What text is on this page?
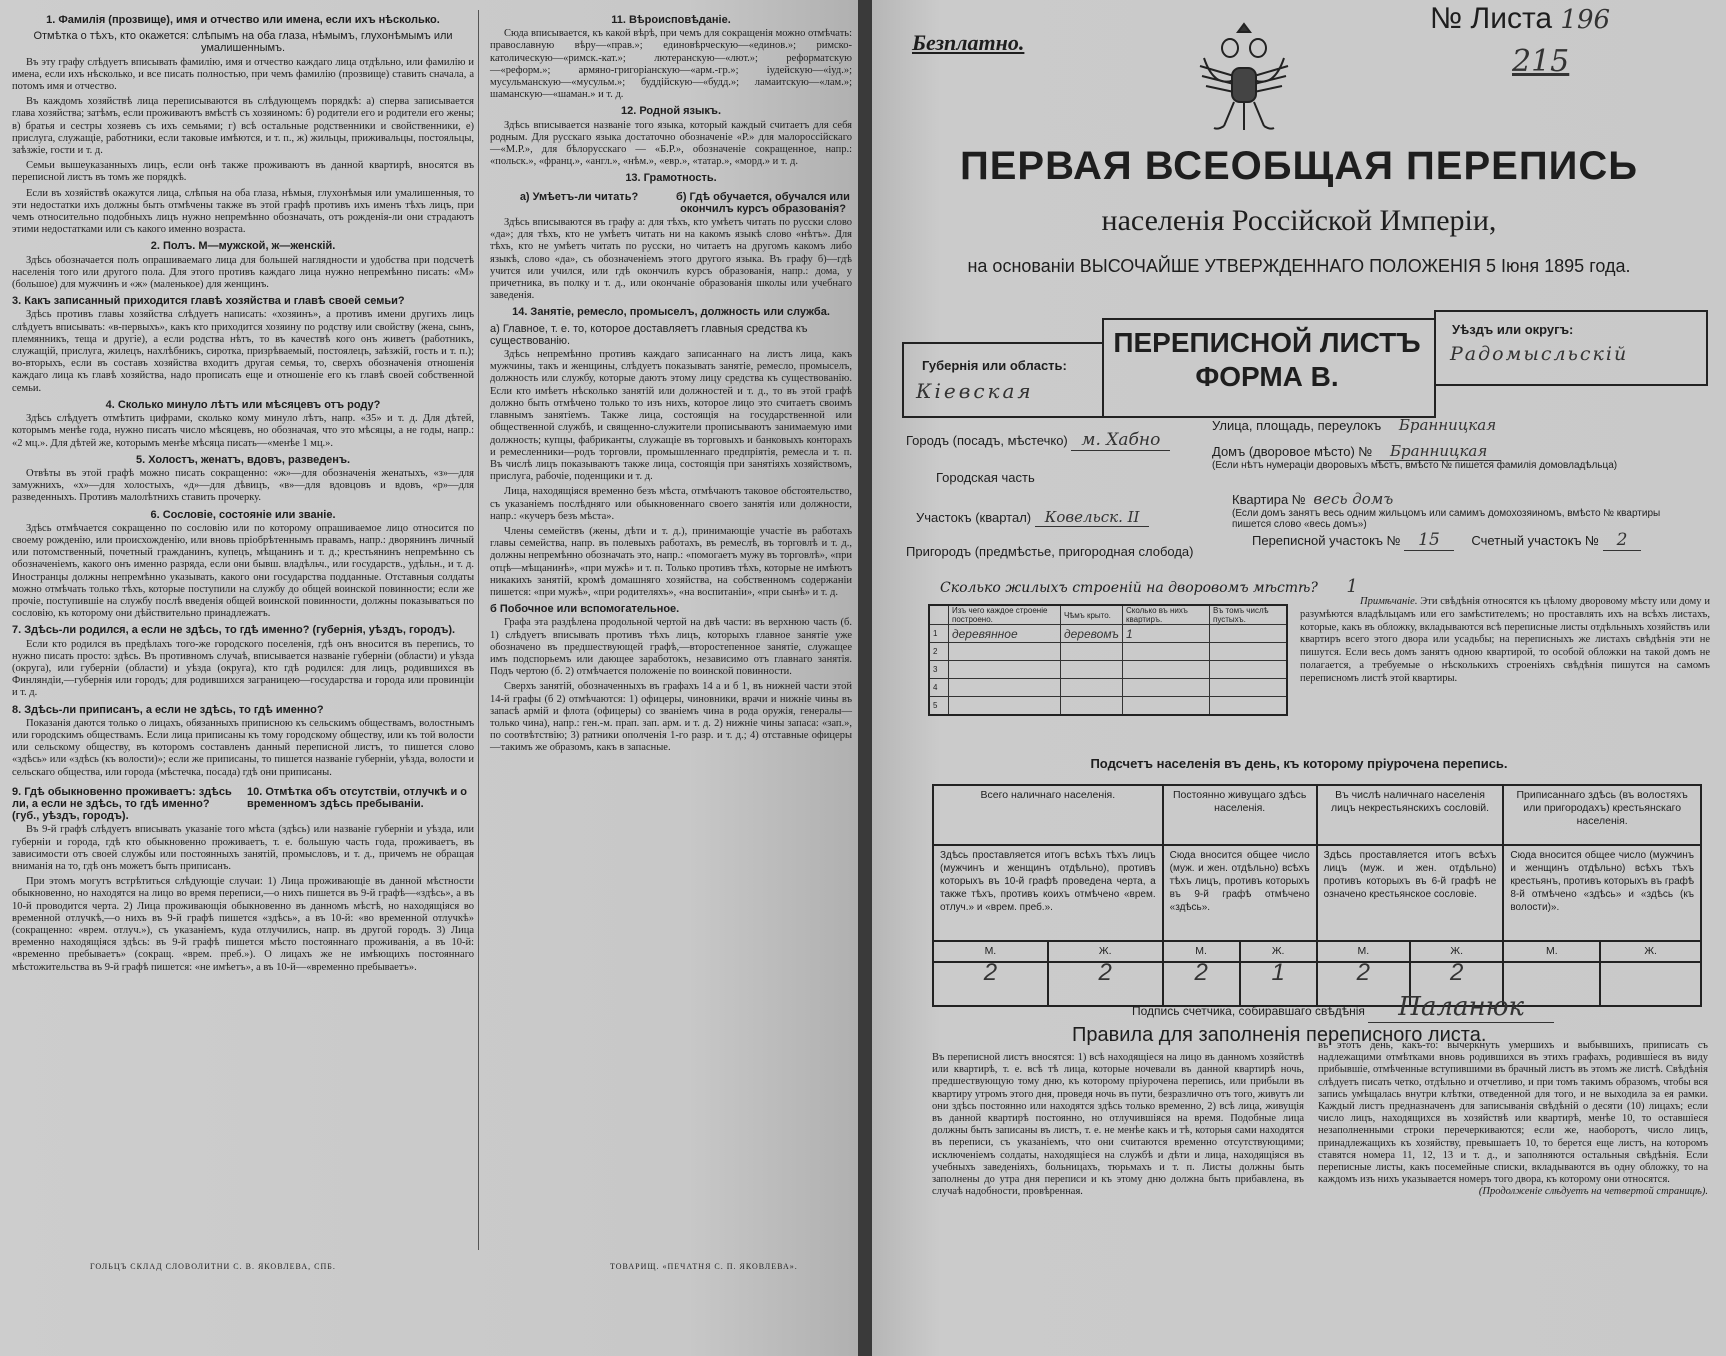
1. Фамилія (прозвище), имя и отчество или имена, если ихъ нѣсколько.
Отмѣтка о тѣхъ, кто окажется: слѣпымъ на оба глаза, нѣмымъ, глухонѣмымъ или умалишеннымъ.

Въ эту графу слѣдуетъ вписывать фамилію, имя и отчество каждаго лица отдѣльно, или фамилію и имена, если ихъ нѣсколько, и все писать полностью, при чемъ фамилію (прозвище) ставить сначала, а потомъ имя и отчество.

Въ каждомъ хозяйствѣ лица переписываются въ слѣдующемъ порядкѣ: а) сперва записывается глава хозяйства; затѣмъ, если проживаютъ вмѣстѣ съ хозяиномъ: б) родители его и родители его жены; в) братья и сестры хозяевъ съ ихъ семьями; г) всѣ остальные родственники и свойственники, е) прислуга, служащіе, работники, если таковые имѣются, и т. п., ж) жильцы, приживальцы, постояльцы, заѣзжіе, гости и т. д.

Семьи вышеуказанныхъ лицъ, если онѣ также проживаютъ въ данной квартирѣ, вносятся въ переписной листъ въ томъ же порядкѣ.

Если въ хозяйствѣ окажутся лица, слѣпыя на оба глаза, нѣмыя, глухонѣмыя или умалишенныя, то эти недостатки ихъ должны быть отмѣчены также въ этой графѣ противъ ихъ именъ тѣхъ лицъ, при чемъ относительно подобныхъ лицъ нужно непремѣнно обозначать, отъ рожденія-ли они страдаютъ этими недостатками или съ какого именно возраста.

2. Полъ. М—мужской, ж—женскій.

Здѣсь обозначается полъ опрашиваемаго лица для большей наглядности и удобства при подсчетѣ населенія того или другого пола. Для этого противъ каждаго лица нужно непремѣнно писать: «М» (большое) для мужчинъ и «ж» (маленькое) для женщинъ.

3. Какъ записанный приходится главѣ хозяйства и главѣ своей семьи?

Здѣсь противъ главы хозяйства слѣдуетъ написать: «хозяинъ», а противъ имени другихъ лицъ слѣдуетъ вписывать: «в-первыхъ», какъ кто приходится хозяину по родству или свойству (жена, сынъ, племянникъ, теща и другіе), а если родства нѣтъ, то въ качествѣ кого онъ живетъ (работникъ, служащій, прислуга, жилецъ, нахлѣбникъ, сиротка, призрѣваемый, постоялецъ, заѣзжій, гость и т. п.); во-вторыхъ, если въ составъ хозяйства входитъ другая семья, то, сверхъ обозначенія отношенія каждаго лица къ главѣ хозяйства, надо прописать еще и отношеніе его къ главѣ своей собственной семьи.

4. Сколько минуло лѣтъ или мѣсяцевъ отъ роду?

Здѣсь слѣдуетъ отмѣтить цифрами, сколько кому минуло лѣтъ, напр. «35» и т. д. Для дѣтей, которымъ менѣе года, нужно писать число мѣсяцевъ, но обозначая, что это мѣсяцы, а не годы, напр.: «2 мц.». Для дѣтей же, которымъ менѣе мѣсяца писать—«менѣе 1 мц.».

5. Холостъ, женатъ, вдовъ, разведенъ.

Отвѣты въ этой графѣ можно писать сокращенно: «ж»—для обозначенія женатыхъ, «з»—для замужнихъ, «х»—для холостыхъ, «д»—для дѣвицъ, «в»—для вдовцовъ и вдовъ, «р»—для разведенныхъ. Противъ малолѣтнихъ ставить прочерку.

6. Сословіе, состояніе или званіе.

Здѣсь отмѣчается сокращенно по сословію или по которому опрашиваемое лицо относится по своему рожденію, или происхожденію, или вновь пріобрѣтеннымъ правамъ, напр.: дворянинъ личный или потомственный, почетный гражданинъ, купецъ, мѣщанинъ и т. д.; крестьянинъ непремѣнно съ обозначеніемъ, какого онъ именно разряда, если они бывш. владѣльч., или государств., удѣльн., и т. д. Иностранцы должны непремѣнно указывать, какого они государства подданные. Отставныя солдаты можно отмѣчать только тѣхъ, которые поступили на службу до общей воинской повинности; если же прочіе, поступившіе на службу послѣ введенія общей воинской повинности, должны показываться по сословію, къ которому они дѣйствительно принадлежатъ.

7. Здѣсь-ли родился, а если не здѣсь, то гдѣ именно? (губернія, уѣздъ, городъ).

Если кто родился въ предѣлахъ того-же городского поселенія, гдѣ онъ вносится въ перепись, то нужно писать просто: здѣсь. Въ противномъ случаѣ, вписывается названіе губерніи (области) и уѣзда (округа), или губерніи (области) и уѣзда (округа), кто гдѣ родился: для лицъ, родившихся въ Финляндіи,—губернія или городъ; для родившихся заграницею—государства и города или провинціи и т. д.

8. Здѣсь-ли приписанъ, а если не здѣсь, то гдѣ именно?

Показанія даются только о лицахъ, обязанныхъ приписною къ сельскимъ обществамъ, волостнымъ или городскимъ обществамъ. Если лица приписаны къ тому городскому обществу, или къ той волости или сельскому обществу, въ которомъ составленъ данный переписной листъ, то пишется слово «здѣсь» или «здѣсь (къ волости)»; если же приписаны, то пишется названіе губерніи, уѣзда, волости и сельскаго общества, или города (мѣстечка, посада) гдѣ они приписаны.

9. Гдѣ обыкновенно проживаетъ: здѣсь ли, а если не здѣсь, то гдѣ именно? (губ., уѣздъ, городъ).
10. Отмѣтка объ отсутствіи, отлучкѣ и о временномъ здѣсь пребываніи.

Въ 9-й графѣ слѣдуетъ вписывать указаніе того мѣста (здѣсь) или названіе губерніи и уѣзда, или губерніи и города, гдѣ кто обыкновенно проживаетъ, т. е. большую часть года, проживаетъ, въ зависимости отъ своей службы или постоянныхъ занятій, промысловъ, и т. д., причемъ не обращая вниманія на то, гдѣ онъ можетъ быть приписанъ.

При этомъ могутъ встрѣтиться слѣдующіе случаи: 1) Лица проживающіе въ данной мѣстности обыкновенно, но находятся на лицо во время переписи,—о нихъ пишется въ 9-й графѣ—«здѣсь», а въ 10-й проводится черта. 2) Лица проживающія обыкновенно въ данномъ мѣстѣ, но находящіяся во временной отлучкѣ,—о нихъ въ 9-й графѣ пишется «здѣсь», а въ 10-й: «во временной отлучкѣ» (сокращенно: «врем. отлуч.»), съ указаніемъ, куда отлучились, напр. въ другой городъ. 3) Лица временно находящіяся здѣсь: въ 9-й графѣ пишется мѣсто постояннаго проживанія, а въ 10-й: «временно пребываетъ» (сокращ. «врем. преб.»). О лицахъ же не имѣющихъ постояннаго мѣстожительства въ 9-й графѣ пишется: «не имѣетъ», а въ 10-й—«временно пребываетъ».

11. Вѣроисповѣданіе.

Сюда вписывается, къ какой вѣрѣ, при чемъ для сокращенія можно отмѣчать: православную вѣру—«прав.»; единовѣрческую—«единов.»; римско-католическую—«римск.-кат.»; лютеранскую—«лют.»; реформатскую—«реформ.»; армяно-григоріанскую—«арм.-гр.»; іудейскую—«іуд.»; мусульманскую—«мусульм.»; буддійскую—«будд.»; ламаитскую—«лам.»; шаманскую—«шаман.» и т. д.

12. Родной языкъ.

Здѣсь вписывается названіе того языка, который каждый считаетъ для себя родным. Для русскаго языка достаточно обозначеніе «Р.» для малороссійскаго—«М.Р.», для бѣлорусскаго — «Б.Р.», обозначеніе сокращенное, напр.: «польск.», «франц.», «англ.», «нѣм.», «евр.», «татар.», «морд.» и т. д.

13. Грамотность.
а) Умѣетъ-ли читать?	б) Гдѣ обучается, обучался или окончилъ курсъ образованія?

Здѣсь вписываются въ графу а: для тѣхъ, кто умѣетъ читать по русски слово «да»; для тѣхъ, кто не умѣетъ читать ни на какомъ языкѣ слово «нѣтъ». Для тѣхъ, кто не умѣетъ читать по русски, но читаетъ на другомъ какомъ либо языкѣ, слово «да», съ обозначеніемъ этого другого языка. Въ графу б)—гдѣ учится или учился, или гдѣ окончилъ курсъ образованія, напр.: дома, у причетника, въ полку и т. д., или окончаніе образованія школы или учебнаго заведенія.

14. Занятіе, ремесло, промыселъ, должность или служба.
а) Главное, т. е. то, которое доставляетъ главныя средства къ существованію.

Здѣсь непремѣнно противъ каждаго записаннаго на листъ лица, какъ мужчины, такъ и женщины, слѣдуетъ показывать занятіе, ремесло, промыселъ, должность или службу, которые даютъ этому лицу средства къ существованію. Если кто имѣетъ нѣсколько занятій или должностей и т. д., то въ этой графѣ должно быть отмѣчено только то изъ нихъ, которое лицо это считаетъ своимъ главнымъ занятіемъ. Также лица, состоящія на государственной или общественной службѣ, и священно-служители прописываютъ занимаемую ими должность; купцы, фабриканты, служащіе въ торговыхъ и банковыхъ конторахъ и ремесленники—родъ торговли, промышленнаго предпріятія, ремесла и т. п. Въ числѣ лицъ показываютъ также лица, состоящія при занятіяхъ хозяйствомъ, прислуга, рабочіе, поденщики и т. д.

Лица, находящіяся временно безъ мѣста, отмѣчаютъ таковое обстоятельство, съ указаніемъ послѣдняго или обыкновеннаго своего занятія или должности, напр.: «кучеръ безъ мѣста».

Члены семействъ (жены, дѣти и т. д.), принимающіе участіе въ работахъ главы семейства, напр. въ полевыхъ работахъ, въ ремеслѣ, въ торговлѣ и т. д., должны непремѣнно обозначать это, напр.: «помогаетъ мужу въ торговлѣ», «при отцѣ—мѣщанинѣ», «при мужѣ» и т. п. Только противъ тѣхъ, которые не имѣютъ никакихъ занятій, кромѣ домашняго хозяйства, на собственномъ содержаніи пишется: «при мужѣ», «при родителяхъ», «на воспитаніи», «при сынѣ» и т. д.

б Побочное или вспомогательное.

Графа эта раздѣлена продольной чертой на двѣ части: въ верхнюю часть (б. 1) слѣдуетъ вписывать противъ тѣхъ лицъ, которыхъ главное занятіе уже обозначено въ предшествующей графѣ,—второстепенное занятіе, служащее имъ подспорьемъ или дающее заработокъ, независимо отъ главнаго занятія. Подъ чертою (б. 2) отмѣчается положеніе по воинской повинности.

Сверхъ занятій, обозначенныхъ въ графахъ 14 а и б 1, въ нижней части этой 14-й графы (б 2) отмѣчаются: 1) офицеры, чиновники, врачи и нижніе чины въ запасѣ армій и флота (офицеры) со званіемъ чина в рода оружія, генералы—только чина), напр.: ген.-м. прап. зап. арм. и т. д. 2) нижніе чины запаса: «зап.», по соотвѣтствію; 3) ратники ополченія 1-го разр. и т. д.; 4) отставные офицеры—такимъ же образомъ, какъ в запасные.

ГОЛЬЦЪ СКЛАД СЛОВОЛИТНИ С. В. ЯКОВЛЕВА, СПБ.	ТОВАРИЩ. «ПЕЧАТНЯ С. П. ЯКОВЛЕВА».
Безплатно.
№ Листа 196
215
ПЕРВАЯ ВСЕОБЩАЯ ПЕРЕПИСЬ
населенія Россійской Имперіи,
на основаніи ВЫСОЧАЙШЕ УТВЕРЖДЕННАГО ПОЛОЖЕНІЯ 5 Іюня 1895 года.
Губернія или область:
Кіевская
ПЕРЕПИСНОЙ ЛИСТЪ
ФОРМА В.
Уѣздъ или округъ:
Радомысльскій
Городъ (посадъ, мѣстечко) м. Хабно
Городская часть
Участокъ (квартал) Ковельск. II
Пригородъ (предмѣстье, пригородная слобода)
Улица, площадь, переулокъ Бранницкая
Домъ (дворовое мѣсто) № Бранницкая
(Если нѣтъ нумераціи дворовыхъ мѣстъ, вмѣсто № пишется фамилія домовладѣльца)
Квартира № весь домъ
(Если домъ занятъ весь одним жильцомъ или самимъ домохозяиномъ, вмѣсто № квартиры пишется слово «весь домъ»)
Переписной участокъ № 15 Счетный участокъ № 2
Сколько жилыхъ строеній на дворовомъ мѣстѣ? 1
	Изъ чего каждое строеніе построено.	Чѣмъ крыто.	Сколько въ нихъ квартиръ.	Въ томъ числѣ пустыхъ.
1	деревянное	деревомъ	1	
2				
3				
4				
5				
Примѣчаніе. Эти свѣдѣнія относятся къ цѣлому дворовому мѣсту или дому и разумѣются владѣльцамъ или его замѣстителемъ; но проставлять ихъ на всѣхъ листахъ, которые, какъ въ обложку, вкладываются всѣ переписные листы отдѣльныхъ хозяйствъ или квартиръ всего этого двора или усадьбы; на переписныхъ же листахъ свѣдѣнія эти не пишутся. Если весь домъ занятъ одною квартирой, то особой обложки на такой домъ не полагается, а требуемые о нѣсколькихъ строеніяхъ свѣдѣнія пишутся на самомъ переписномъ листѣ этой квартиры.
Подсчетъ населенія въ день, къ которому пріурочена перепись.

Всего наличнаго населенія.		Постоянно живущаго здѣсь населенія.		Въ числѣ наличнаго населенія лицъ некрестьянскихъ сословій.		Приписаннаго здѣсь (въ волостяхъ или пригородахъ) крестьянскаго населенія.	
Здѣсь проставляется итогъ всѣхъ тѣхъ лицъ (мужчинъ и женщинъ отдѣльно), противъ которыхъ въ 10-й графѣ проведена черта, а также тѣхъ, противъ коихъ отмѣчено «врем. отлуч.» и «врем. преб.».		Сюда вносится общее число (муж. и жен. отдѣльно) всѣхъ тѣхъ лицъ, противъ которыхъ въ 9-й графѣ отмѣчено «здѣсь».		Здѣсь проставляется итогъ всѣхъ лицъ (муж. и жен. отдѣльно) противъ которыхъ въ 6-й графѣ не означено крестьянское сословіе.		Сюда вносится общее число (мужчинъ и женщинъ отдѣльно) всѣхъ тѣхъ крестьянъ, противъ которыхъ въ графѣ 8-й отмѣчено «здѣсь» и «здѣсь (къ волости)».	
М.	Ж.	М.	Ж.	М.	Ж.	М.	Ж.
2	2	2	1	2	2		
Подпись счетчика, собиравшаго свѣдѣнія Паланюк
Правила для заполненія переписного листа.
Въ переписной листъ вносятся: 1) всѣ находящіеся на лицо въ данномъ хозяйствѣ или квартирѣ, т. е. всѣ тѣ лица, которые ночевали въ данной квартирѣ ночь, предшествующую тому дню, къ которому пріурочена перепись, или прибыли въ квартиру утромъ этого дня, проведя ночь въ пути, безразлично отъ того, живутъ ли они здѣсь постоянно или находятся здѣсь только временно, 2) всѣ лица, живущія въ данной квартирѣ постоянно, но отлучившіяся на время. Подобные лица должны быть записаны въ листъ, т. е. не менѣе какъ и тѣ, которыя сами находятся въ переписи, съ указаніемъ, что они считаются временно отсутствующими; исключеніемъ солдаты, находящіеся на службѣ и дѣти и лица, находящіяся въ учебныхъ заведеніяхъ, больницахъ, тюрьмахъ и т. п. Листы должны быть заполнены до утра дня переписи и къ этому дню должна быть прибавлена, въ случаѣ надобности, провѣренная.
въ этотъ день, какъ-то: вычеркнуть умершихъ и выбывшихъ, приписать съ надлежащими отмѣтками вновь родившихся въ этихъ графахъ, родившіеся въ виду прибывшіе, отмѣченные вступившими въ брачный листъ въ этомъ же листѣ. Свѣдѣнія слѣдуетъ писать четко, отдѣльно и отчетливо, и при томъ такимъ образомъ, чтобы вся запись умѣщалась внутри клѣтки, отведенной для того, и не выходила за ея рамки. Каждый листъ предназначенъ для записыванія свѣдѣній о десяти (10) лицахъ; если число лицъ, находящихся въ хозяйствѣ или квартирѣ, менѣе 10, то оставшіеся незаполненными строки перечеркиваются; если же, наоборотъ, число лицъ, принадлежащихъ къ хозяйству, превышаетъ 10, то берется еще листъ, на которомъ ставятся номера 11, 12, 13 и т. д., и заполняются остальныя свѣдѣнія. Если переписные листы, какъ посемейные списки, вкладываются въ одну обложку, то на каждомъ изъ нихъ указывается номеръ того двора, къ которому они относятся.
(Продолженіе слѣдуетъ на четвертой страницѣ).
